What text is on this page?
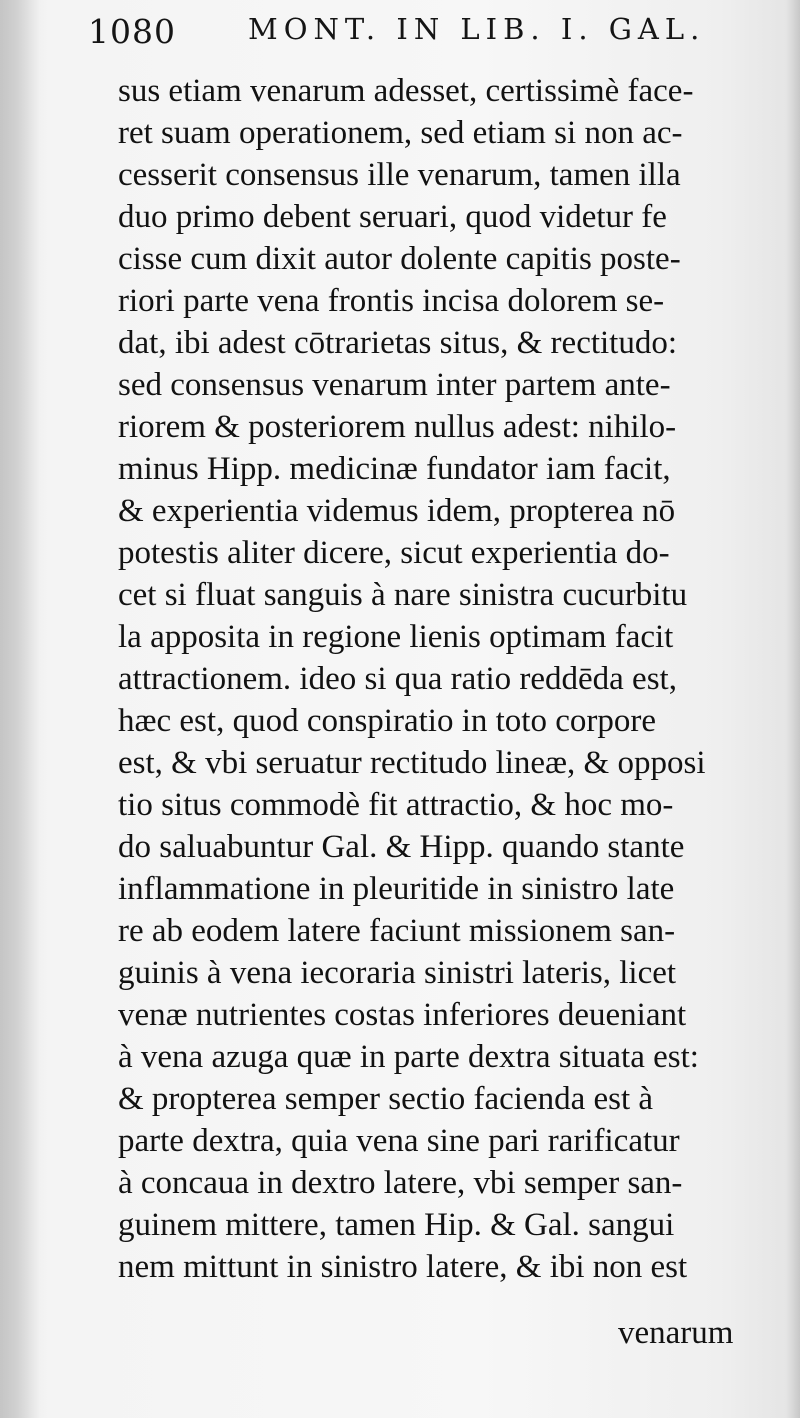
1080 MONT. IN LIB. I. GAL.
sus etiam venarum adesset, certissimè face-
ret suam operationem, sed etiam si non ac-
cesserit consensus ille venarum, tamen illa
duo primo debent seruari, quod videtur fe
cisse cum dixit autor dolente capitis poste-
riori parte vena frontis incisa dolorem se-
dat, ibi adest cōtrarietas situs, & rectitudo:
sed consensus venarum inter partem ante-
riorem & posteriorem nullus adest: nihilo-
minus Hipp. medicinæ fundator iam facit,
& experientia videmus idem, propterea nō
potestis aliter dicere, sicut experientia do-
cet si fluat sanguis à nare sinistra cucurbitu
la apposita in regione lienis optimam facit
attractionem. ideo si qua ratio reddēda est,
hæc est, quod conspiratio in toto corpore
est, & vbi seruatur rectitudo lineæ, & opposi
tio situs commodè fit attractio, & hoc mo-
do saluabuntur Gal. & Hipp. quando stante
inflammatione in pleuritide in sinistro late
re ab eodem latere faciunt missionem san-
guinis à vena iecoraria sinistri lateris, licet
venæ nutrientes costas inferiores deueniant
à vena azuga quæ in parte dextra situata est:
& propterea semper sectio facienda est à
parte dextra, quia vena sine pari rarificatur
à concaua in dextro latere, vbi semper san-
guinem mittere, tamen Hip. & Gal. sangui
nem mittunt in sinistro latere, & ibi non est
venarum
